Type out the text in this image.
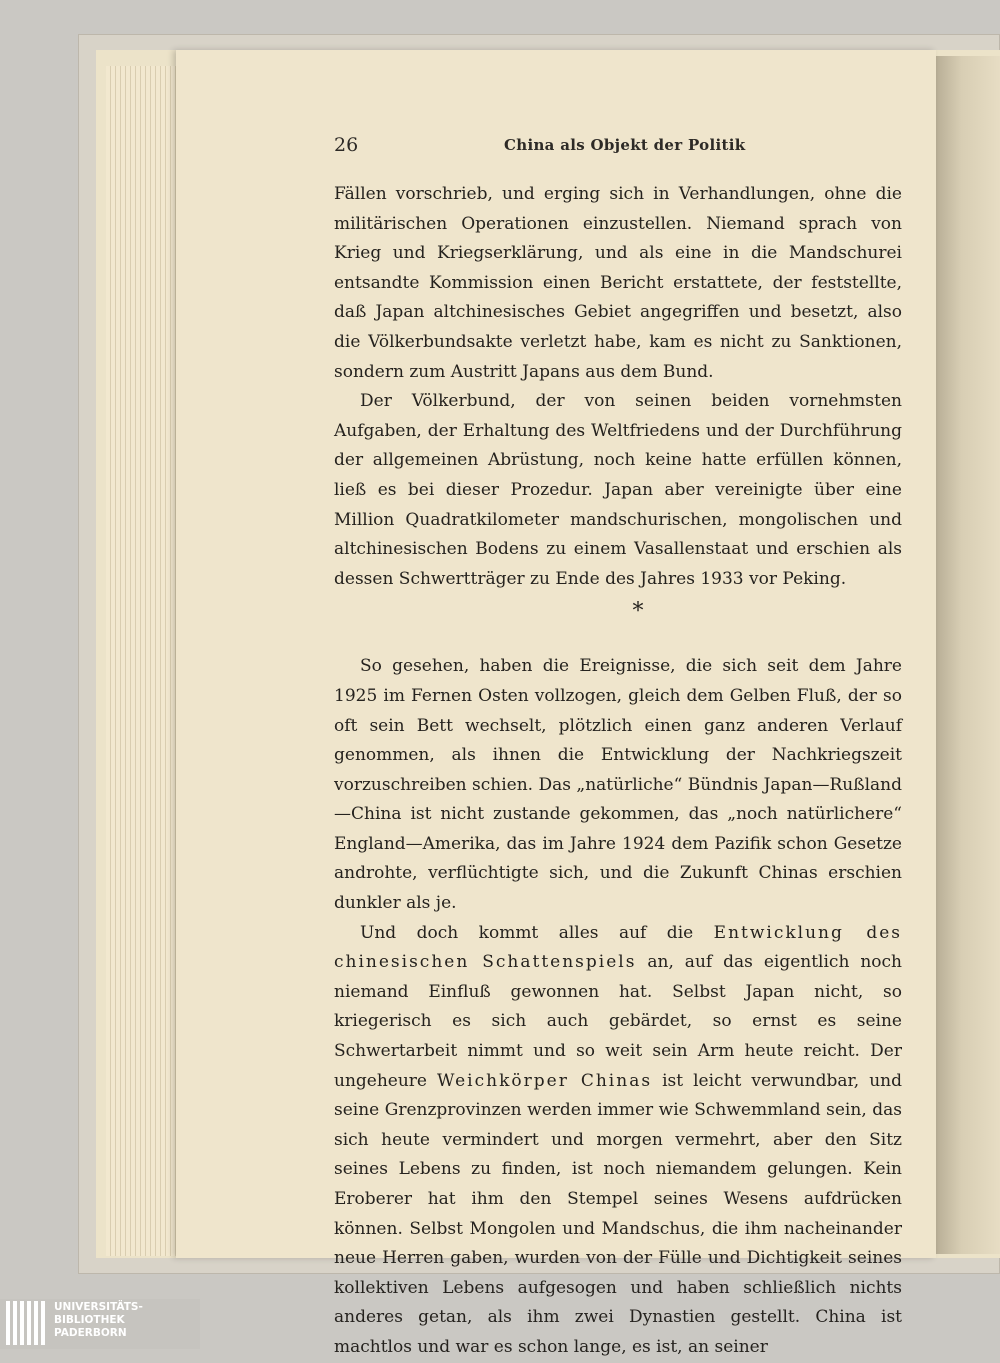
26	China als Objekt der Politik

Fällen vorschrieb, und erging sich in Verhandlungen, ohne die militärischen Operationen einzustellen. Niemand sprach von Krieg und Kriegserklärung, und als eine in die Mandschurei entsandte Kommission einen Bericht erstattete, der feststellte, daß Japan altchinesisches Gebiet angegriffen und besetzt, also die Völkerbundsakte verletzt habe, kam es nicht zu Sanktionen, sondern zum Austritt Japans aus dem Bund.

Der Völkerbund, der von seinen beiden vornehmsten Aufgaben, der Erhaltung des Weltfriedens und der Durchführung der allgemeinen Abrüstung, noch keine hatte erfüllen können, ließ es bei dieser Prozedur. Japan aber vereinigte über eine Million Quadratkilometer mandschurischen, mongolischen und altchinesischen Bodens zu einem Vasallenstaat und erschien als dessen Schwertträger zu Ende des Jahres 1933 vor Peking.

*

So gesehen, haben die Ereignisse, die sich seit dem Jahre 1925 im Fernen Osten vollzogen, gleich dem Gelben Fluß, der so oft sein Bett wechselt, plötzlich einen ganz anderen Verlauf genommen, als ihnen die Entwicklung der Nachkriegszeit vorzuschreiben schien. Das „natürliche“ Bündnis Japan—Rußland—China ist nicht zustande gekommen, das „noch natürlichere“ England—Amerika, das im Jahre 1924 dem Pazifik schon Gesetze androhte, verflüchtigte sich, und die Zukunft Chinas erschien dunkler als je.

Und doch kommt alles auf die Entwicklung des chinesischen Schattenspiels an, auf das eigentlich noch niemand Einfluß gewonnen hat. Selbst Japan nicht, so kriegerisch es sich auch gebärdet, so ernst es seine Schwertarbeit nimmt und so weit sein Arm heute reicht. Der ungeheure Weichkörper Chinas ist leicht verwundbar, und seine Grenzprovinzen werden immer wie Schwemmland sein, das sich heute vermindert und morgen vermehrt, aber den Sitz seines Lebens zu finden, ist noch niemandem gelungen. Kein Eroberer hat ihm den Stempel seines Wesens aufdrücken können. Selbst Mongolen und Mandschus, die ihm nacheinander neue Herren gaben, wurden von der Fülle und Dichtigkeit seines kollektiven Lebens aufgesogen und haben schließlich nichts anderes getan, als ihm zwei Dynastien gestellt. China ist machtlos und war es schon lange, es ist, an seiner

UNIVERSITÄTS-
BIBLIOTHEK
PADERBORN
